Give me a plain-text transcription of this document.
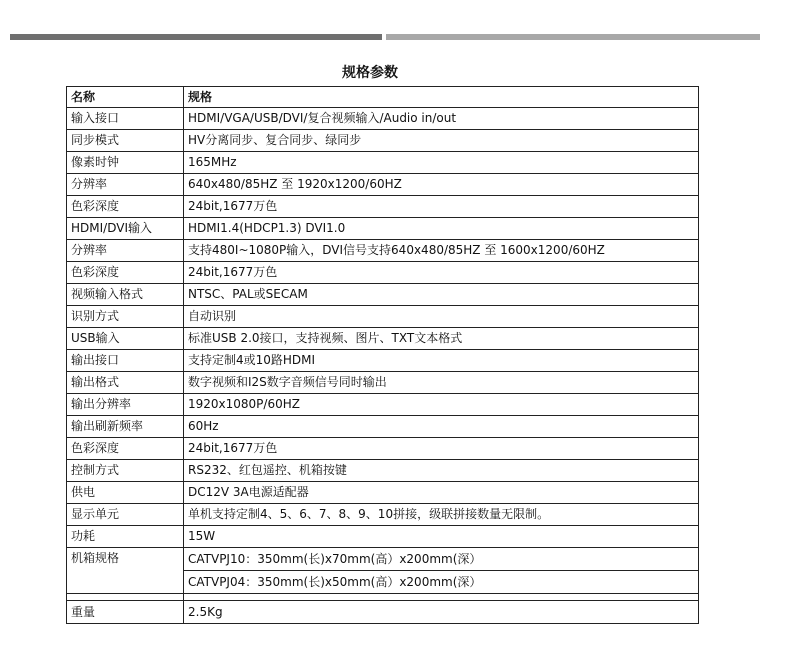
规格参数
名称	规格
输入接口	HDMI/VGA/USB/DVI/复合视频输入/Audio in/out
同步模式	HV分离同步、复合同步、绿同步
像素时钟	165MHz
分辨率	640x480/85HZ 至 1920x1200/60HZ
色彩深度	24bit,1677万色
HDMI/DVI输入	HDMI1.4(HDCP1.3) DVI1.0
分辨率	支持480I~1080P输入，DVI信号支持640x480/85HZ 至 1600x1200/60HZ
色彩深度	24bit,1677万色
视频输入格式	NTSC、PAL或SECAM
识别方式	自动识别
USB输入	标准USB 2.0接口，支持视频、图片、TXT文本格式
输出接口	支持定制4或10路HDMI
输出格式	数字视频和I2S数字音频信号同时输出
输出分辨率	1920x1080P/60HZ
输出刷新频率	60Hz
色彩深度	24bit,1677万色
控制方式	RS232、红包遥控、机箱按键
供电	DC12V 3A电源适配器
显示单元	单机支持定制4、5、6、7、8、9、10拼接，级联拼接数量无限制。
功耗	15W
机箱规格	CATVPJ10：350mm(长)x70mm(高）x200mm(深）
CATVPJ04：350mm(长)x50mm(高）x200mm(深）

重量	2.5Kg
